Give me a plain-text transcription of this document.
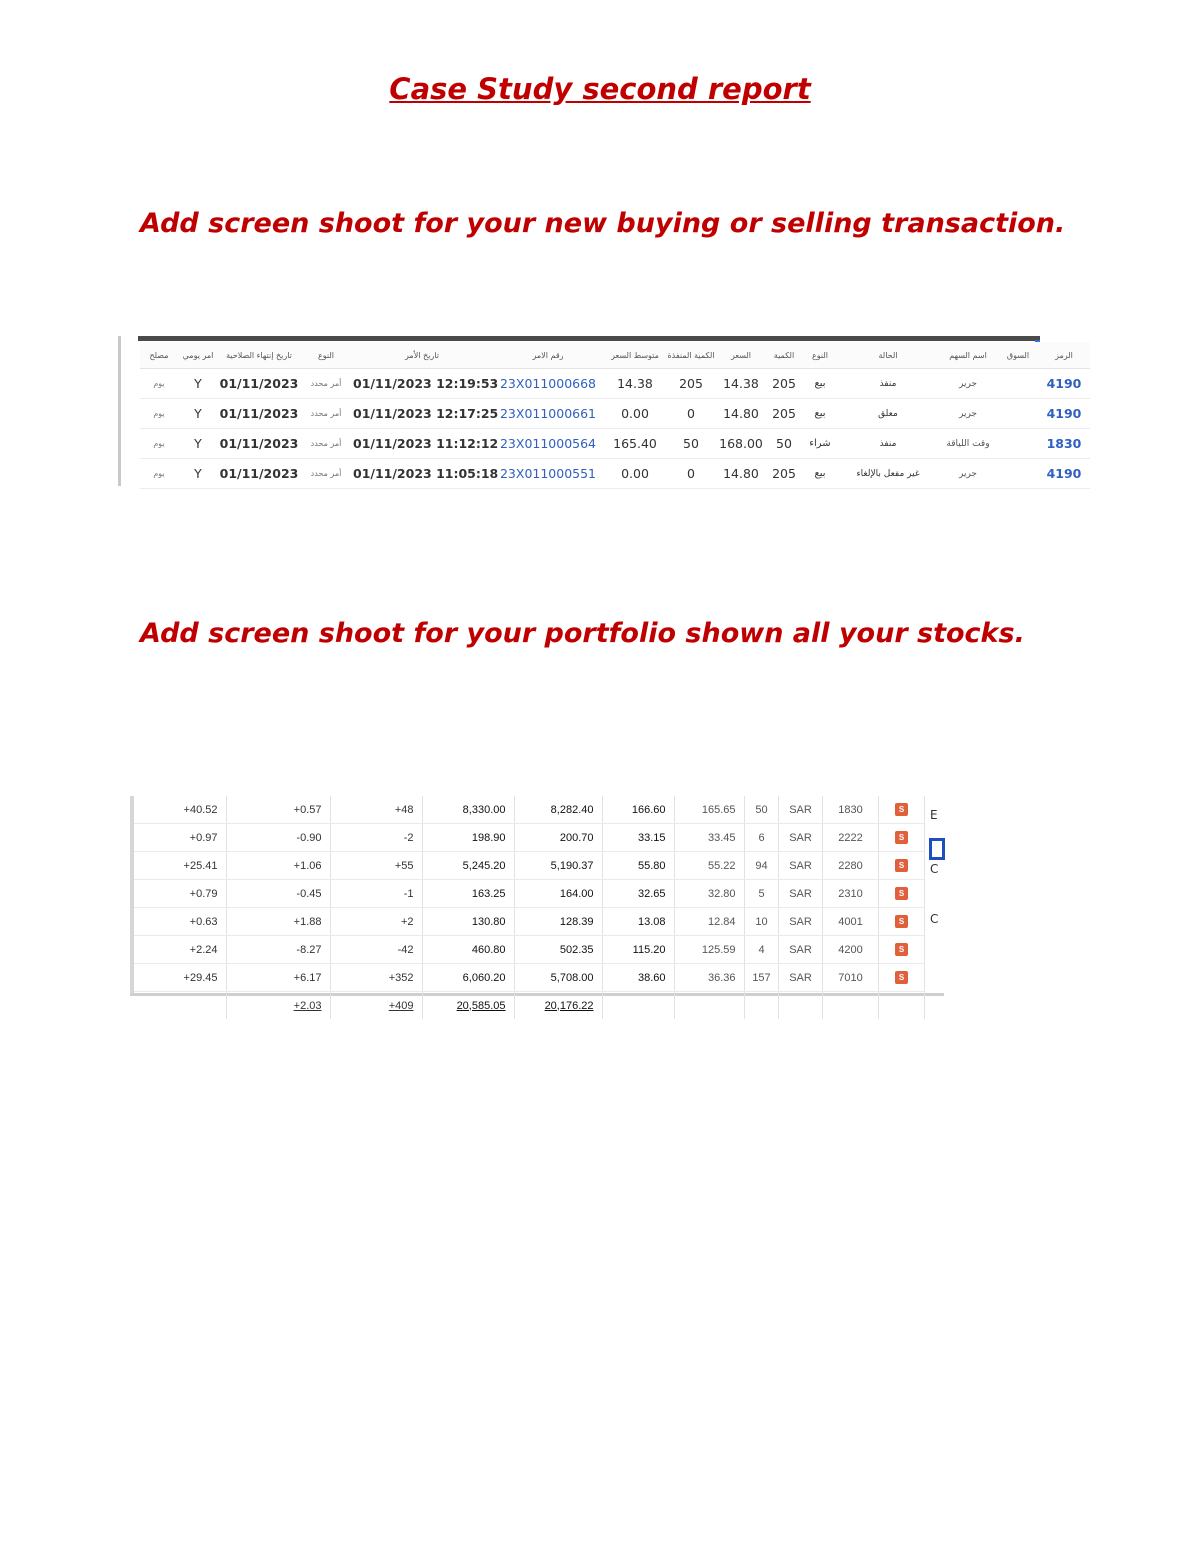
Case Study second report
Add screen shoot for your new buying or selling transaction.
Add screen shoot for your portfolio shown all your stocks.
الرمز	السوق	اسم السهم	الحالة	النوع	الكمية	السعر	الكمية المنفذة	متوسط السعر	رقم الامر	تاريخ الأمر	النوع	تاريخ إنتهاء الصلاحية	امر يومي	مصلح
4190		جرير	منفذ	بيع	205	14.38	205	14.38	23X011000668	01/11/2023 12:19:53	أمر محدد	01/11/2023	Y	يوم
4190		جرير	معلق	بيع	205	14.80	0	0.00	23X011000661	01/11/2023 12:17:25	أمر محدد	01/11/2023	Y	يوم
1830		وقت اللياقة	منفذ	شراء	50	168.00	50	165.40	23X011000564	01/11/2023 11:12:12	أمر محدد	01/11/2023	Y	يوم
4190		جرير	غير مفعل بالإلغاء	بيع	205	14.80	0	0.00	23X011000551	01/11/2023 11:05:18	أمر محدد	01/11/2023	Y	يوم
+40.52	+0.57	+48	8,330.00	8,282.40	166.60	165.65	50	SAR	1830	S
+0.97	-0.90	-2	198.90	200.70	33.15	33.45	6	SAR	2222	S
+25.41	+1.06	+55	5,245.20	5,190.37	55.80	55.22	94	SAR	2280	S
+0.79	-0.45	-1	163.25	164.00	32.65	32.80	5	SAR	2310	S
+0.63	+1.88	+2	130.80	128.39	13.08	12.84	10	SAR	4001	S
+2.24	-8.27	-42	460.80	502.35	115.20	125.59	4	SAR	4200	S
+29.45	+6.17	+352	6,060.20	5,708.00	38.60	36.36	157	SAR	7010	S
	+2.03	+409	20,585.05	20,176.22						
E
C
Ϲ
